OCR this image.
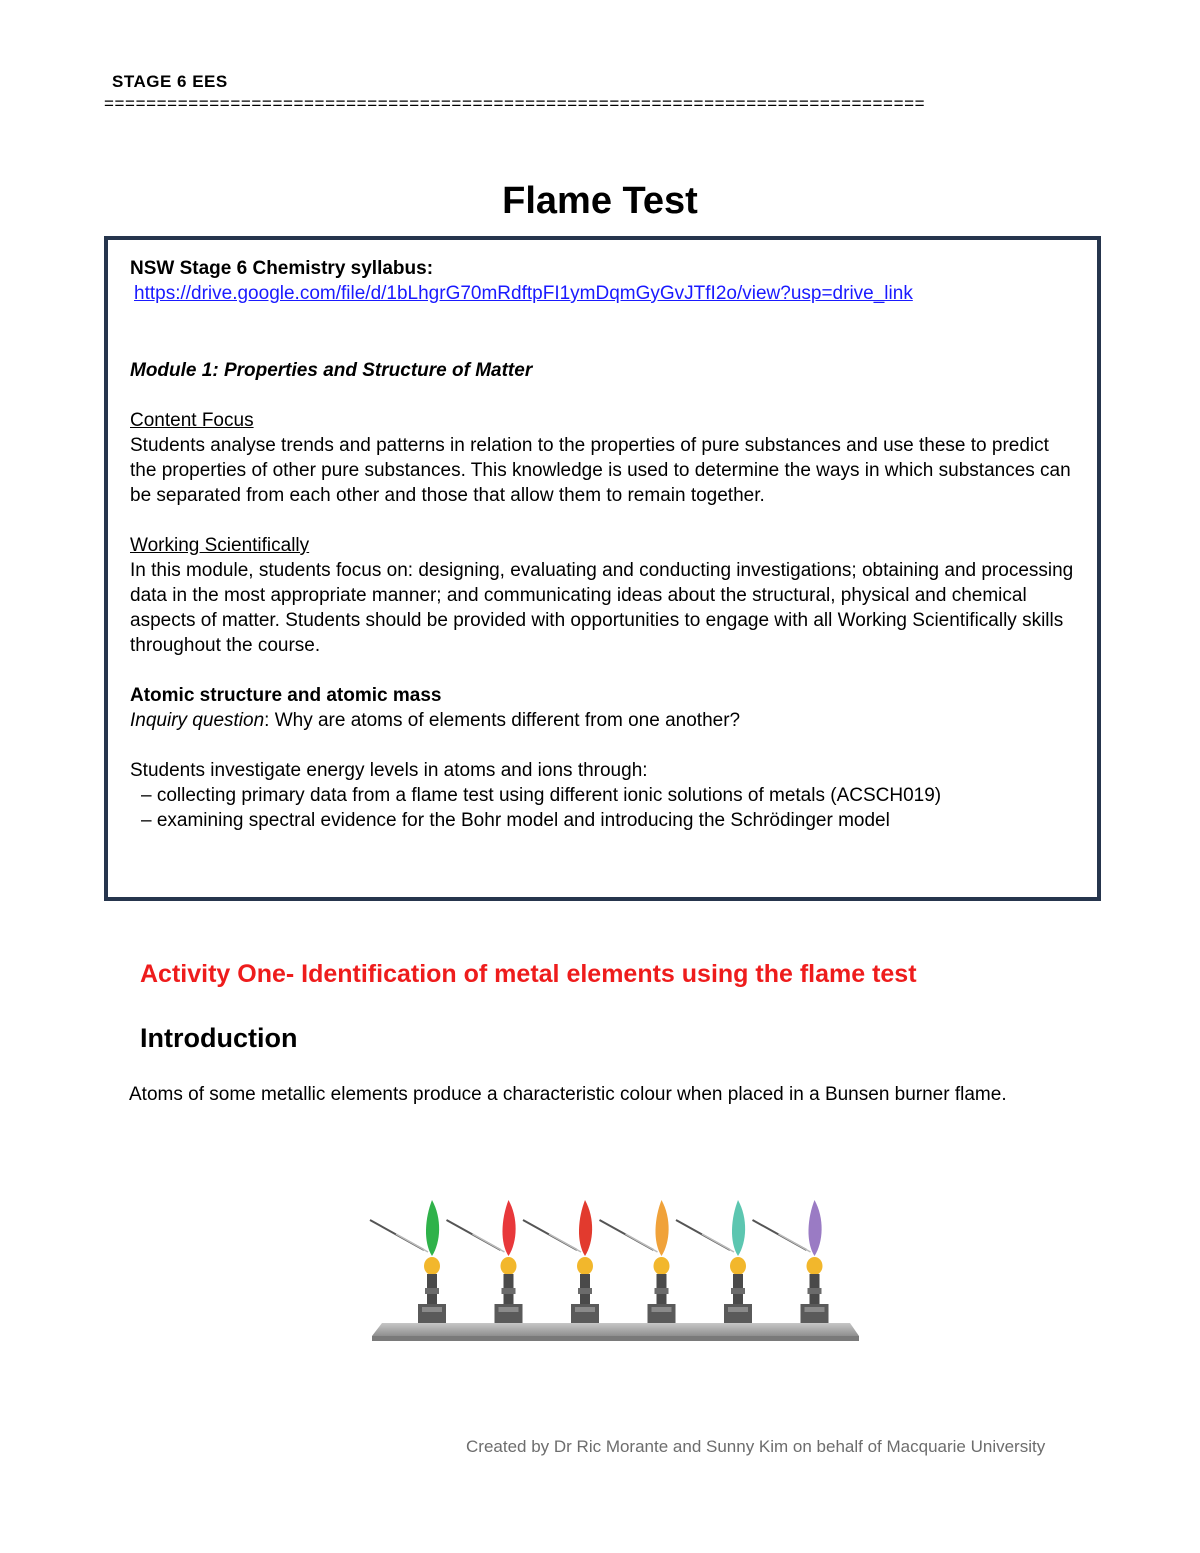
STAGE 6 EES
==============================================================================
Flame Test

NSW Stage 6 Chemistry syllabus:

https://drive.google.com/file/d/1bLhgrG70mRdftpFI1ymDqmGyGvJTfI2o/view?usp=drive_link

Module 1: Properties and Structure of Matter

Content Focus

Students analyse trends and patterns in relation to the properties of pure substances and use these to predict the properties of other pure substances. This knowledge is used to determine the ways in which substances can be separated from each other and those that allow them to remain together.

Working Scientifically

In this module, students focus on: designing, evaluating and conducting investigations; obtaining and processing data in the most appropriate manner; and communicating ideas about the structural, physical and chemical aspects of matter. Students should be provided with opportunities to engage with all Working Scientifically skills throughout the course.

Atomic structure and atomic mass

Inquiry question: Why are atoms of elements different from one another?

Students investigate energy levels in atoms and ions through:

– collecting primary data from a flame test using different ionic solutions of metals (ACSCH019)

– examining spectral evidence for the Bohr model and introducing the Schrödinger model

Activity One- Identification of metal elements using the flame test
Introduction

Atoms of some metallic elements produce a characteristic colour when placed in a Bunsen burner flame.

Created by Dr Ric Morante and Sunny Kim on behalf of Macquarie University
